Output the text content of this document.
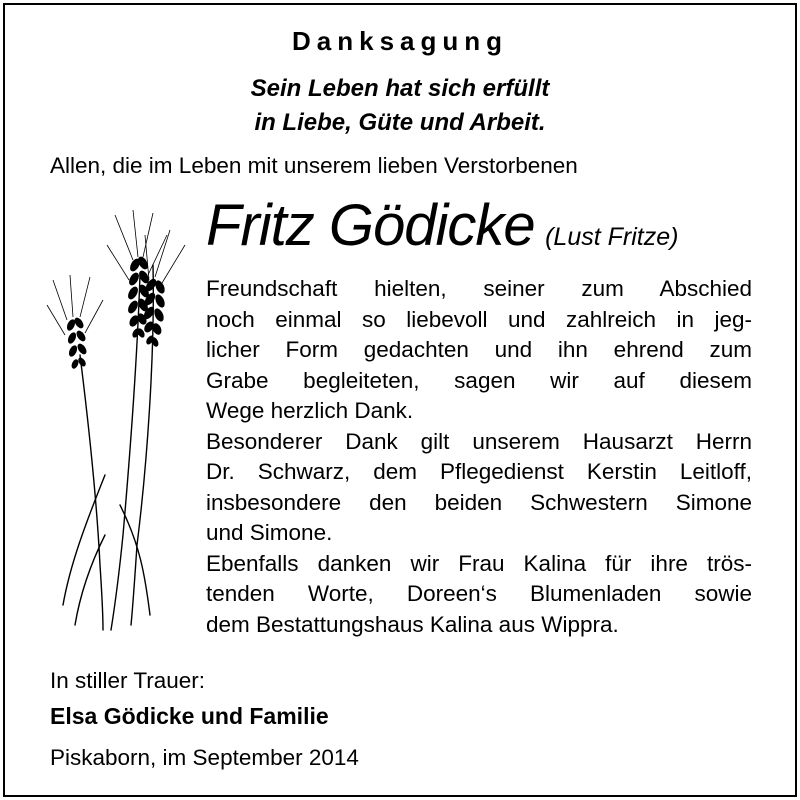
Danksagung
Sein Leben hat sich erfüllt
in Liebe, Güte und Arbeit.
Allen, die im Leben mit unserem lieben Verstorbenen
Fritz Gödicke (Lust Fritze)
Freundschaft hielten, seiner zum Abschied
noch einmal so liebevoll und zahlreich in jeg-
licher Form gedachten und ihn ehrend zum
Grabe begleiteten, sagen wir auf diesem
Wege herzlich Dank.
Besonderer Dank gilt unserem Hausarzt Herrn
Dr. Schwarz, dem Pflegedienst Kerstin Leitloff,
insbesondere den beiden Schwestern Simone
und Simone.
Ebenfalls danken wir Frau Kalina für ihre trös-
tenden Worte, Doreen‘s Blumenladen sowie
dem Bestattungshaus Kalina aus Wippra.
In stiller Trauer:
Elsa Gödicke und Familie
Piskaborn, im September 2014
